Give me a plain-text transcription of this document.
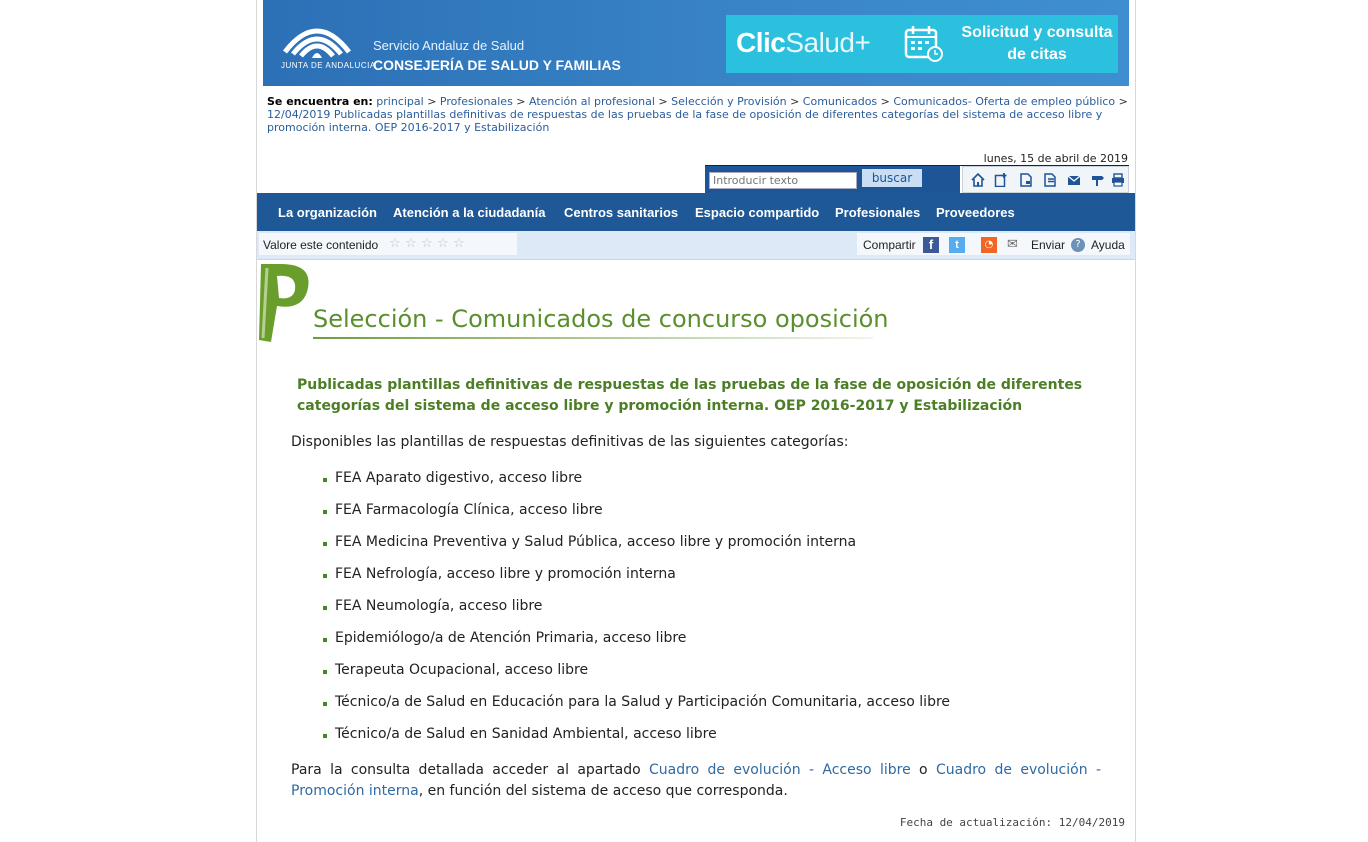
JUNTA DE ANDALUCIA
Servicio Andaluz de Salud
CONSEJERÍA DE SALUD Y FAMILIAS
ClicSalud+	Solicitud y consulta de citas
Se encuentra en: principal > Profesionales > Atención al profesional > Selección y Provisión > Comunicados > Comunicados- Oferta de empleo público > 12/04/2019 Publicadas plantillas definitivas de respuestas de las pruebas de la fase de oposición de diferentes categorías del sistema de acceso libre y promoción interna. OEP 2016-2017 y Estabilización
lunes, 15 de abril de 2019
Introducir texto
buscar
La organización Atención a la ciudadanía Centros sanitarios Espacio compartido Profesionales Proveedores
Valore este contenido ☆ ☆ ☆ ☆ ☆	Compartir	f	t	◔ ✉	Enviar	? Ayuda
Selección - Comunicados de concurso oposición
Publicadas plantillas definitivas de respuestas de las pruebas de la fase de oposición de diferentes categorías del sistema de acceso libre y promoción interna. OEP 2016-2017 y Estabilización
Disponibles las plantillas de respuestas definitivas de las siguientes categorías:
FEA Aparato digestivo, acceso libre
FEA Farmacología Clínica, acceso libre
FEA Medicina Preventiva y Salud Pública, acceso libre y promoción interna
FEA Nefrología, acceso libre y promoción interna
FEA Neumología, acceso libre
Epidemiólogo/a de Atención Primaria, acceso libre
Terapeuta Ocupacional, acceso libre
Técnico/a de Salud en Educación para la Salud y Participación Comunitaria, acceso libre
Técnico/a de Salud en Sanidad Ambiental, acceso libre
Para la consulta detallada acceder al apartado Cuadro de evolución - Acceso libre o Cuadro de evolución - Promoción interna, en función del sistema de acceso que corresponda.
Fecha de actualización: 12/04/2019
